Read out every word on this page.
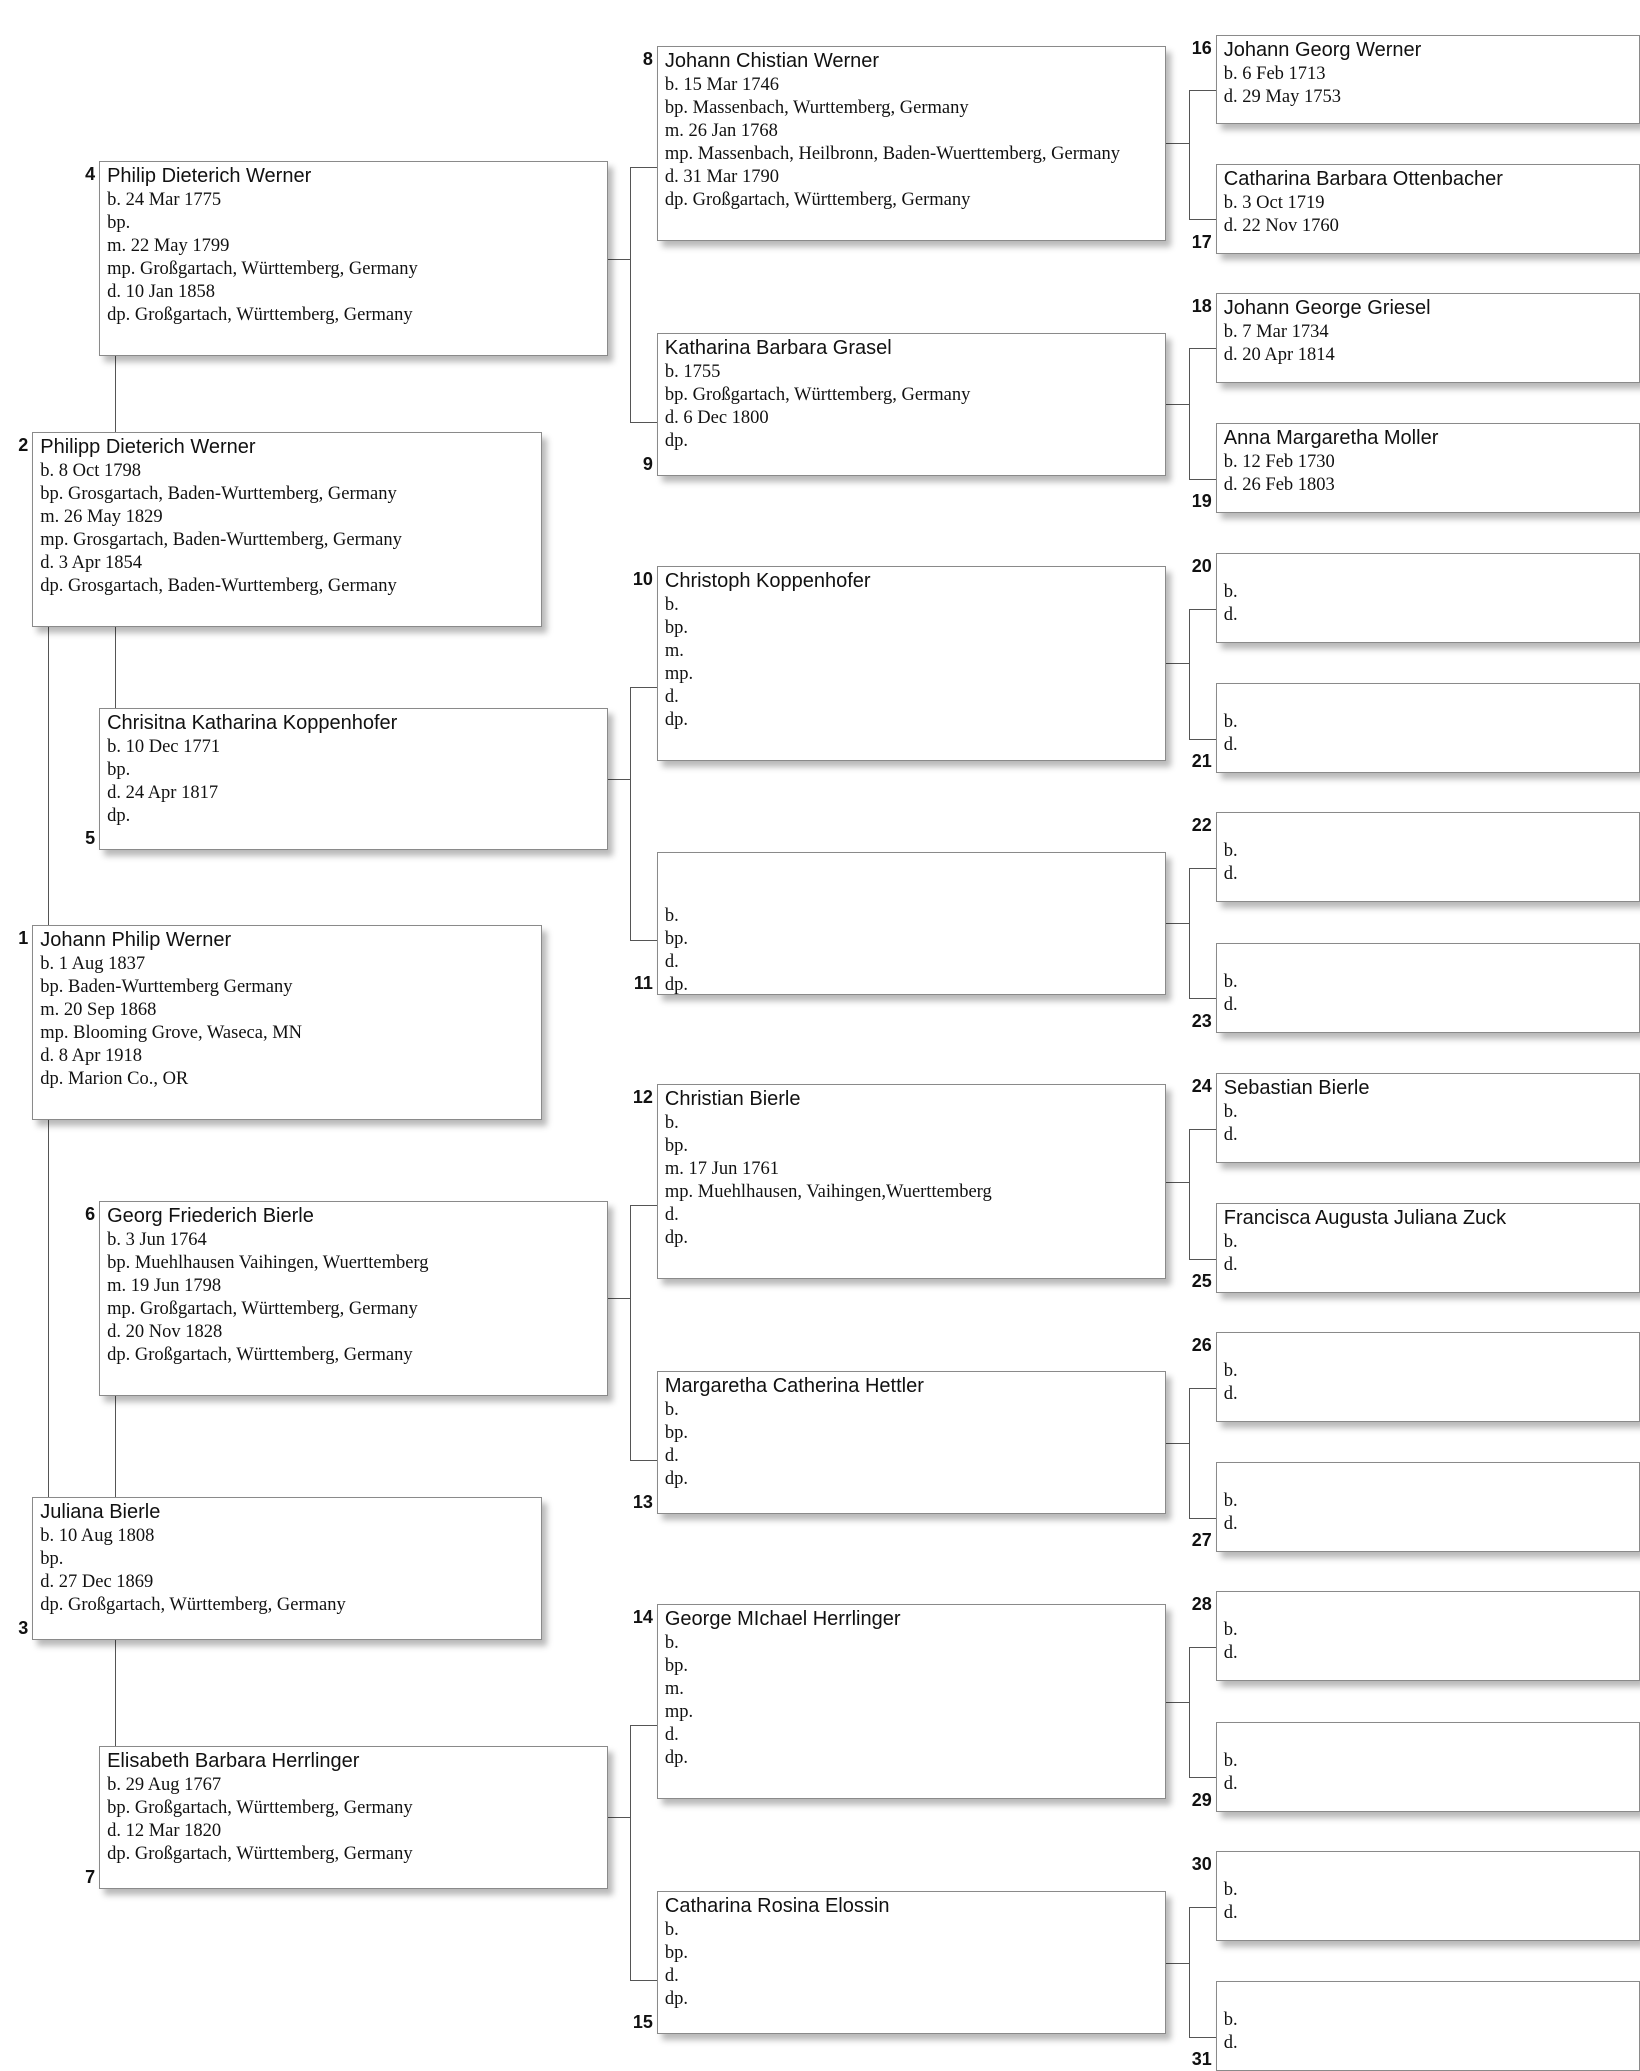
Johann Philip Werner
b. 1 Aug 1837
bp. Baden-Wurttemberg Germany
m. 20 Sep 1868
mp. Blooming Grove, Waseca, MN
d. 8 Apr 1918
dp. Marion Co., OR
1
Philipp Dieterich Werner
b. 8 Oct 1798
bp. Grosgartach, Baden-Wurttemberg, Germany
m. 26 May 1829
mp. Grosgartach, Baden-Wurttemberg, Germany
d. 3 Apr 1854
dp. Grosgartach, Baden-Wurttemberg, Germany
2
Juliana Bierle
b. 10 Aug 1808
bp.
d. 27 Dec 1869
dp. Großgartach, Württemberg, Germany
3
Philip Dieterich Werner
b. 24 Mar 1775
bp.
m. 22 May 1799
mp. Großgartach, Württemberg, Germany
d. 10 Jan 1858
dp. Großgartach, Württemberg, Germany
4
Chrisitna Katharina Koppenhofer
b. 10 Dec 1771
bp.
d. 24 Apr 1817
dp.
5
Georg Friederich Bierle
b. 3 Jun 1764
bp. Muehlhausen Vaihingen, Wuerttemberg
m. 19 Jun 1798
mp. Großgartach, Württemberg, Germany
d. 20 Nov 1828
dp. Großgartach, Württemberg, Germany
6
Elisabeth Barbara Herrlinger
b. 29 Aug 1767
bp. Großgartach, Württemberg, Germany
d. 12 Mar 1820
dp. Großgartach, Württemberg, Germany
7
Johann Chistian Werner
b. 15 Mar 1746
bp. Massenbach, Wurttemberg, Germany
m. 26 Jan 1768
mp. Massenbach, Heilbronn, Baden-Wuerttemberg, Germany
d. 31 Mar 1790
dp. Großgartach, Württemberg, Germany
8
Katharina Barbara Grasel
b. 1755
bp. Großgartach, Württemberg, Germany
d. 6 Dec 1800
dp.
9
Christoph Koppenhofer
b.
bp.
m.
mp.
d.
dp.
10
b.
bp.
d.
dp.
11
Christian Bierle
b.
bp.
m. 17 Jun 1761
mp. Muehlhausen, Vaihingen,Wuerttemberg
d.
dp.
12
Margaretha Catherina Hettler
b.
bp.
d.
dp.
13
George MIchael Herrlinger
b.
bp.
m.
mp.
d.
dp.
14
Catharina Rosina Elossin
b.
bp.
d.
dp.
15
Johann Georg Werner
b. 6 Feb 1713
d. 29 May 1753
16
Catharina Barbara Ottenbacher
b. 3 Oct 1719
d. 22 Nov 1760
17
Johann George Griesel
b. 7 Mar 1734
d. 20 Apr 1814
18
Anna Margaretha Moller
b. 12 Feb 1730
d. 26 Feb 1803
19
b.
d.
20
b.
d.
21
b.
d.
22
b.
d.
23
Sebastian Bierle
b.
d.
24
Francisca Augusta Juliana Zuck
b.
d.
25
b.
d.
26
b.
d.
27
b.
d.
28
b.
d.
29
b.
d.
30
b.
d.
31
